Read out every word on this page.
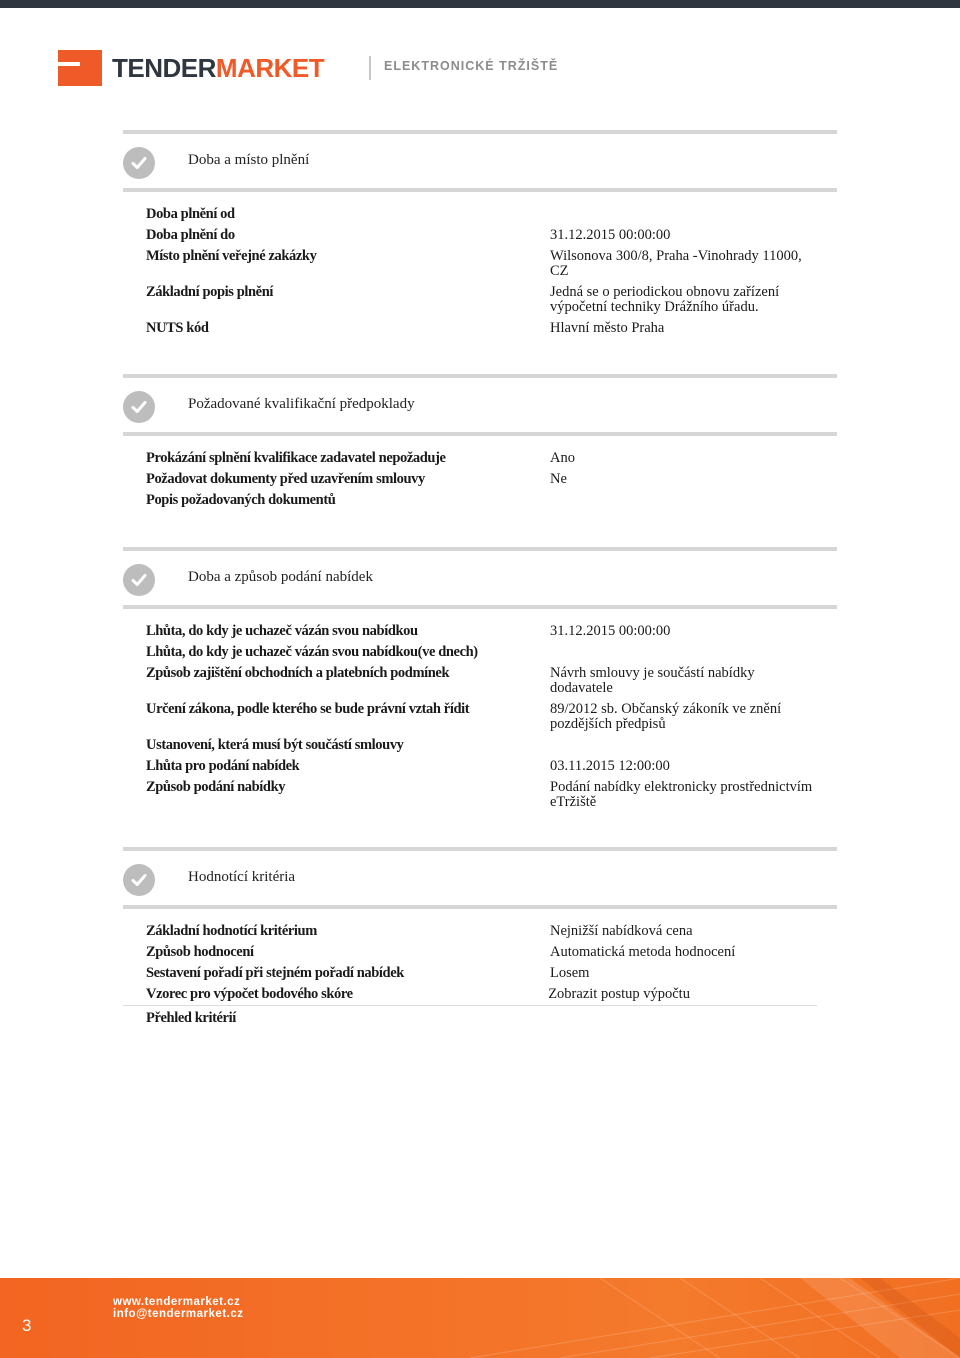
TENDERMARKET	ELEKTRONICKÉ TRŽIŠTĚ
Doba a místo plnění
Doba plnění od
Doba plnění do	31.12.2015 00:00:00
Místo plnění veřejné zakázky	Wilsonova 300/8, Praha -Vinohrady 11000, CZ
Základní popis plnění	Jedná se o periodickou obnovu zařízení výpočetní techniky Drážního úřadu.
NUTS kód	Hlavní město Praha
Požadované kvalifikační předpoklady
Prokázání splnění kvalifikace zadavatel nepožaduje	Ano
Požadovat dokumenty před uzavřením smlouvy	Ne
Popis požadovaných dokumentů
Doba a způsob podání nabídek
Lhůta, do kdy je uchazeč vázán svou nabídkou	31.12.2015 00:00:00
Lhůta, do kdy je uchazeč vázán svou nabídkou(ve dnech)
Způsob zajištění obchodních a platebních podmínek	Návrh smlouvy je součástí nabídky dodavatele
Určení zákona, podle kterého se bude právní vztah řídit	89/2012 sb. Občanský zákoník ve znění pozdějších předpisů
Ustanovení, která musí být součástí smlouvy
Lhůta pro podání nabídek	03.11.2015 12:00:00
Způsob podání nabídky	Podání nabídky elektronicky prostřednictvím eTržiště
Hodnotící kritéria
Základní hodnotící kritérium	Nejnižší nabídková cena
Způsob hodnocení	Automatická metoda hodnocení
Sestavení pořadí při stejném pořadí nabídek	Losem
Vzorec pro výpočet bodového skóre	Zobrazit postup výpočtu
Přehled kritérií
3
www.tendermarket.cz
info@tendermarket.cz
